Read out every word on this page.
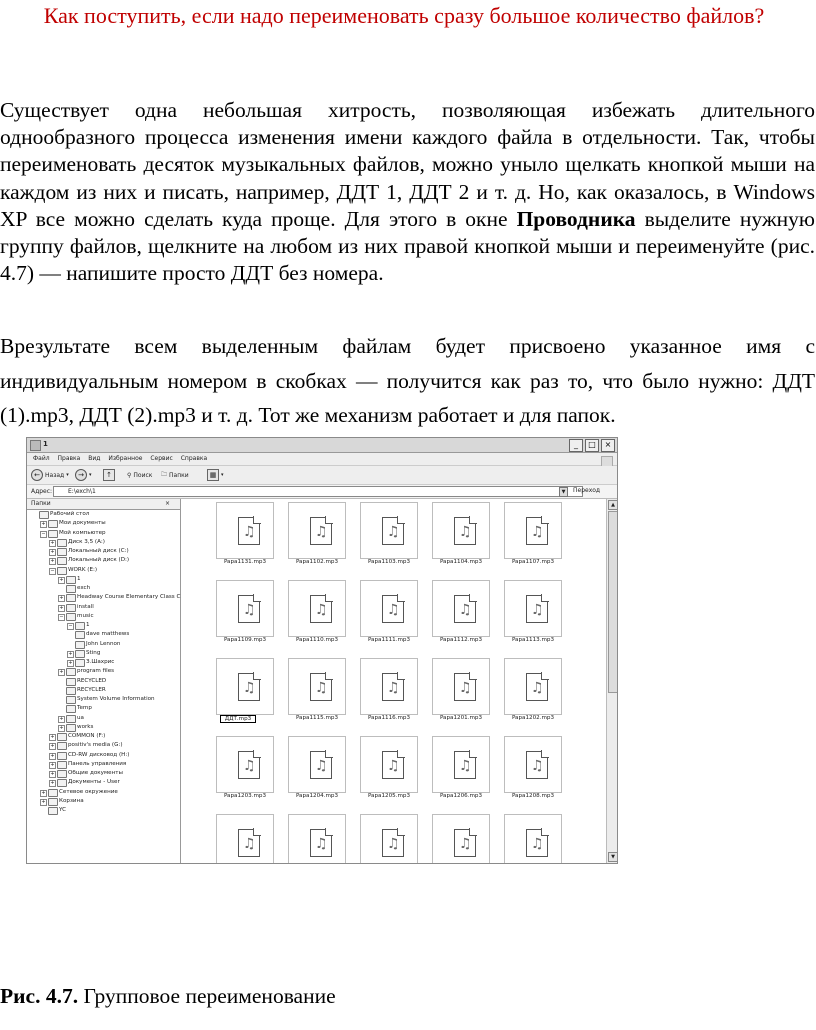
Как поступить, если надо переименовать сразу большое количество файлов?

Существует одна небольшая хитрость, позволяющая избежать длительного однообразного процесса изменения имени каждого файла в отдельности. Так, чтобы переименовать десяток музыкальных файлов, можно уныло щелкать кнопкой мыши на каждом из них и писать, например, ДДТ 1, ДДТ 2 и т. д. Но, как оказалось, в Windows XP все можно сделать куда проще. Для этого в окне Проводника выделите нужную группу файлов, щелкните на любом из них правой кнопкой мыши и переименуйте (рис. 4.7) — напишите просто ДДТ без номера.

Врезультате всем выделенным файлам будет присвоено указанное имя с индивидуальным номером в скобках — получится как раз то, что было нужно: ДДТ (1).mp3, ДДТ (2).mp3 и т. д. Тот же механизм работает и для папок.

1	_	□	×
Файл Правка Вид Избранное Сервис Справка
← Назад ▾	→	▾	↑	⚲ Поиск 🗀 Папки	▦ ▾
Адрес:	E:\exch\1	▼	Переход
Папки	×
Рабочий стол
+ Мои документы
− Мой компьютер
+ Диск 3,5 (A:)
+ Локальный диск (C:)
+ Локальный диск (D:)
− WORK (E:)
+ 1
exch
+ Headway Course Elementary Class C
+ install
− music
− 1
dave matthews
John Lennon
+ Sting
+ З.Шахрис
+ program files
RECYCLED
RECYCLER
System Volume Information
Temp
+ ua
+ works
+ COMMON (F:)
+ positiv's media (G:)
+ CD-RW дисковод (H:)
+ Панель управления
+ Общие документы
+ Документы - User
+ Сетевое окружение
+ Корзина
YC
♫
Papa1131.mp3
♫
Papa1102.mp3
♫
Papa1103.mp3
♫
Papa1104.mp3
♫
Papa1107.mp3
♫
Papa1109.mp3
♫
Papa1110.mp3
♫
Papa1111.mp3
♫
Papa1112.mp3
♫
Papa1113.mp3
♫
ДДТ.mp3
♫
Papa1115.mp3
♫
Papa1116.mp3
♫
Papa1201.mp3
♫
Papa1202.mp3
♫
Papa1203.mp3
♫
Papa1204.mp3
♫
Papa1205.mp3
♫
Papa1206.mp3
♫
Papa1208.mp3
♫	♫	♫	♫	♫
▲
▼
Рис. 4.7. Групповое переименование
